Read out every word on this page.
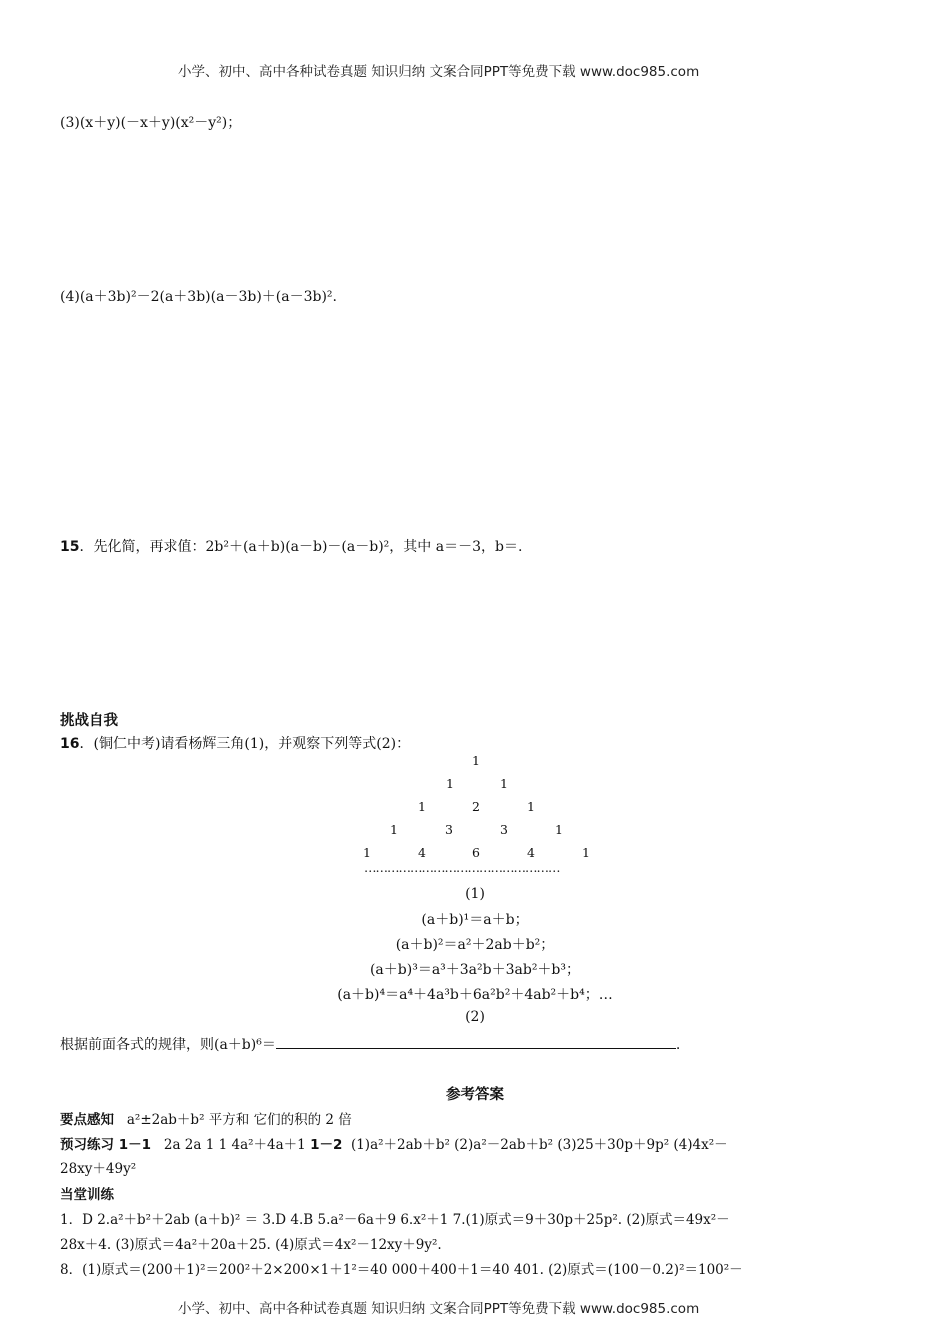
小学、初中、高中各种试卷真题 知识归纳 文案合同PPT等免费下载 www.doc985.com
(3)(x＋y)(－x＋y)(x²－y²)；
(4)(a＋3b)²－2(a＋3b)(a－3b)＋(a－3b)².
15．先化简，再求值：2b²＋(a＋b)(a－b)－(a－b)²，其中 a＝－3，b＝.
挑战自我
16．(铜仁中考)请看杨辉三角(1)，并观察下列等式(2)：
1
1	1
1	2	1
1	3	3	1
1	4	6	4	1
……………………………………………
(1)
(a＋b)¹＝a＋b；
(a＋b)²＝a²＋2ab＋b²；
(a＋b)³＝a³＋3a²b＋3ab²＋b³；
(a＋b)⁴＝a⁴＋4a³b＋6a²b²＋4ab²＋b⁴；…
(2)
根据前面各式的规律，则(a＋b)⁶＝	.
参考答案
要点感知 a²±2ab＋b² 平方和 它们的积的 2 倍
预习练习 1－1 2a 2a 1 1 4a²＋4a＋1 1－2 (1)a²＋2ab＋b² (2)a²－2ab＋b² (3)25＋30p＋9p² (4)4x²－
28xy＋49y²
当堂训练
1．D 2.a²＋b²＋2ab (a＋b)² ＝ 3.D 4.B 5.a²－6a＋9 6.x²＋1 7.(1)原式＝9＋30p＋25p². (2)原式＝49x²－
28x＋4. (3)原式＝4a²＋20a＋25. (4)原式＝4x²－12xy＋9y².
8．(1)原式＝(200＋1)²＝200²＋2×200×1＋1²＝40 000＋400＋1＝40 401. (2)原式＝(100－0.2)²＝100²－
小学、初中、高中各种试卷真题 知识归纳 文案合同PPT等免费下载 www.doc985.com
